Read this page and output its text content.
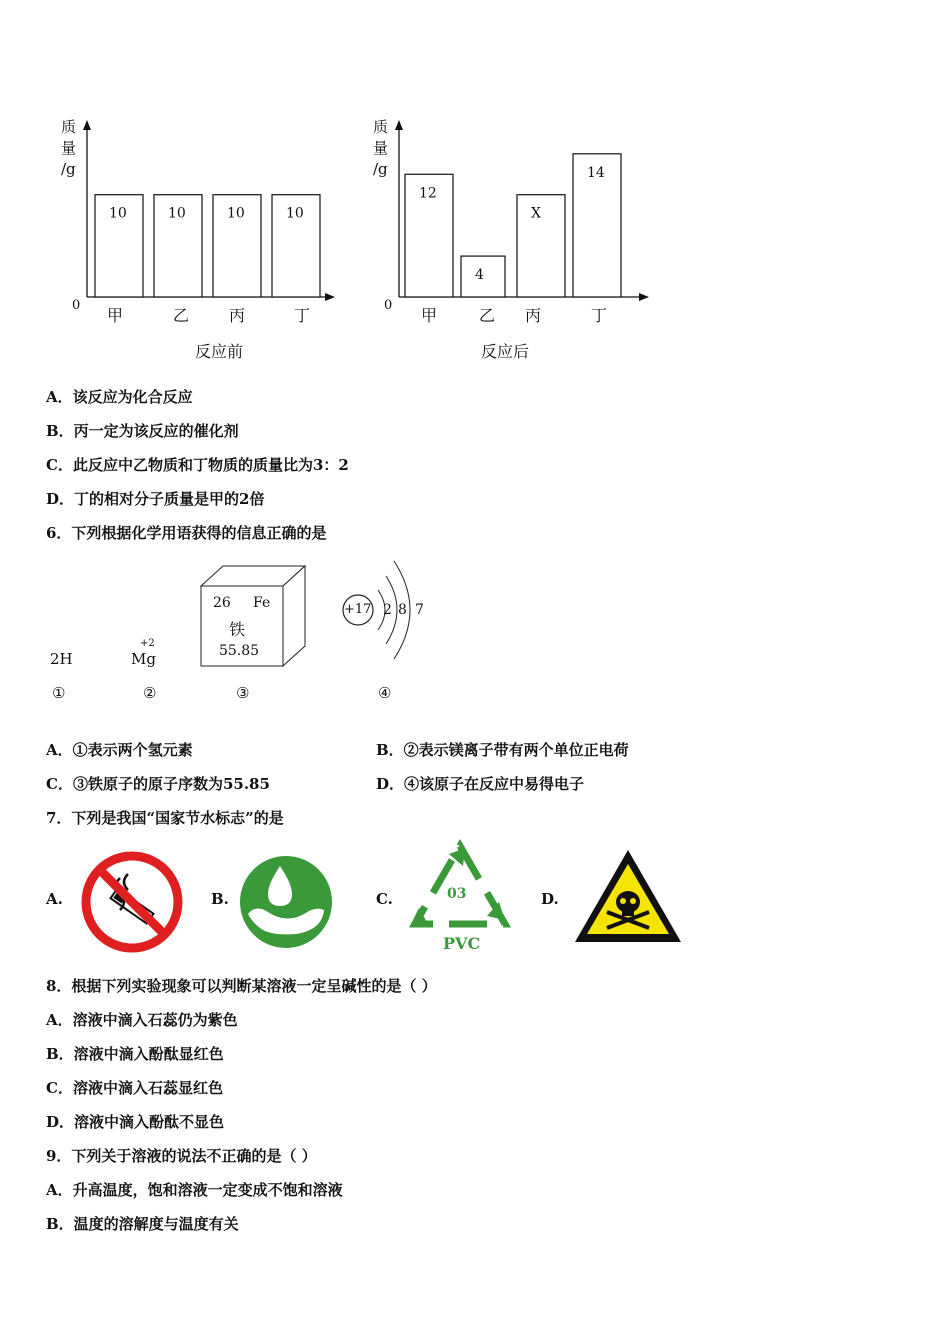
质
量
/g
0
10
甲
10
乙
10
丙
10
丁
反应前
质
量
/g
0
12
甲
4
乙
X
丙
14
丁
反应后
A．该反应为化合反应
B．丙一定为该反应的催化剂
C．此反应中乙物质和丁物质的质量比为3：2
D．丁的相对分子质量是甲的2倍
6．下列根据化学用语获得的信息正确的是
2H
+2
Mg
26 Fe
铁
55.85
+17 2 8 7
①	②	③	④
A．①表示两个氢元素	B．②表示镁离子带有两个单位正电荷
C．③铁原子的原子序数为55.85	D．④该原子在反应中易得电子
7．下列是我国“国家节水标志”的是
A.	B.	C.	03
PVC
D.
8．根据下列实验现象可以判断某溶液一定呈碱性的是（ ）
A．溶液中滴入石蕊仍为紫色
B．溶液中滴入酚酞显红色
C．溶液中滴入石蕊显红色
D．溶液中滴入酚酞不显色
9．下列关于溶液的说法不正确的是（ ）
A．升高温度，饱和溶液一定变成不饱和溶液
B．温度的溶解度与温度有关
